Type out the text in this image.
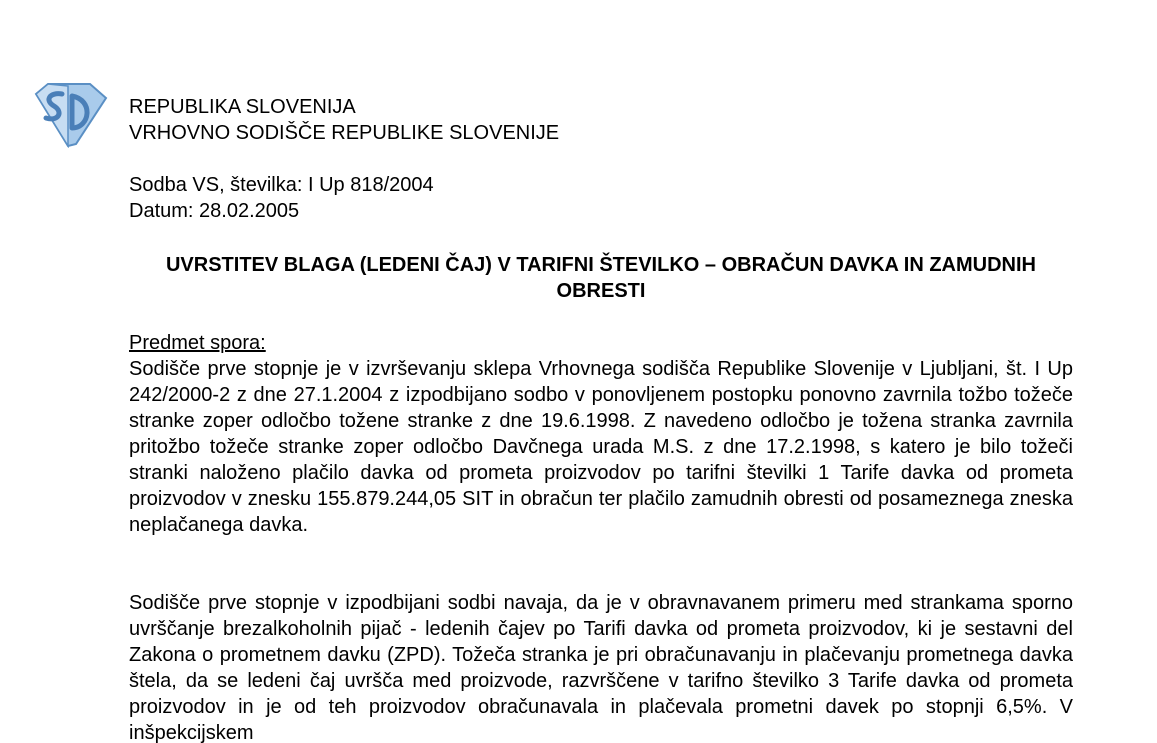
REPUBLIKA SLOVENIJA
VRHOVNO SODIŠČE REPUBLIKE SLOVENIJE
Sodba VS, številka: I Up 818/2004
Datum: 28.02.2005
UVRSTITEV BLAGA (LEDENI ČAJ) V TARIFNI ŠTEVILKO – OBRAČUN DAVKA IN ZAMUDNIH OBRESTI
Predmet spora:

Sodišče prve stopnje je v izvrševanju sklepa Vrhovnega sodišča Republike Slovenije v Ljubljani, št. I Up 242/2000-2 z dne 27.1.2004 z izpodbijano sodbo v ponovljenem postopku ponovno zavrnila tožbo tožeče stranke zoper odločbo tožene stranke z dne 19.6.1998. Z navedeno odločbo je tožena stranka zavrnila pritožbo tožeče stranke zoper odločbo Davčnega urada M.S. z dne 17.2.1998, s katero je bilo tožeči stranki naloženo plačilo davka od prometa proizvodov po tarifni številki 1 Tarife davka od prometa proizvodov v znesku 155.879.244,05 SIT in obračun ter plačilo zamudnih obresti od posameznega zneska neplačanega davka.

Sodišče prve stopnje v izpodbijani sodbi navaja, da je v obravnavanem primeru med strankama sporno uvrščanje brezalkoholnih pijač - ledenih čajev po Tarifi davka od prometa proizvodov, ki je sestavni del Zakona o prometnem davku (ZPD). Tožeča stranka je pri obračunavanju in plačevanju prometnega davka štela, da se ledeni čaj uvršča med proizvode, razvrščene v tarifno številko 3 Tarife davka od prometa proizvodov in je od teh proizvodov obračunavala in plačevala prometni davek po stopnji 6,5%. V inšpekcijskem
